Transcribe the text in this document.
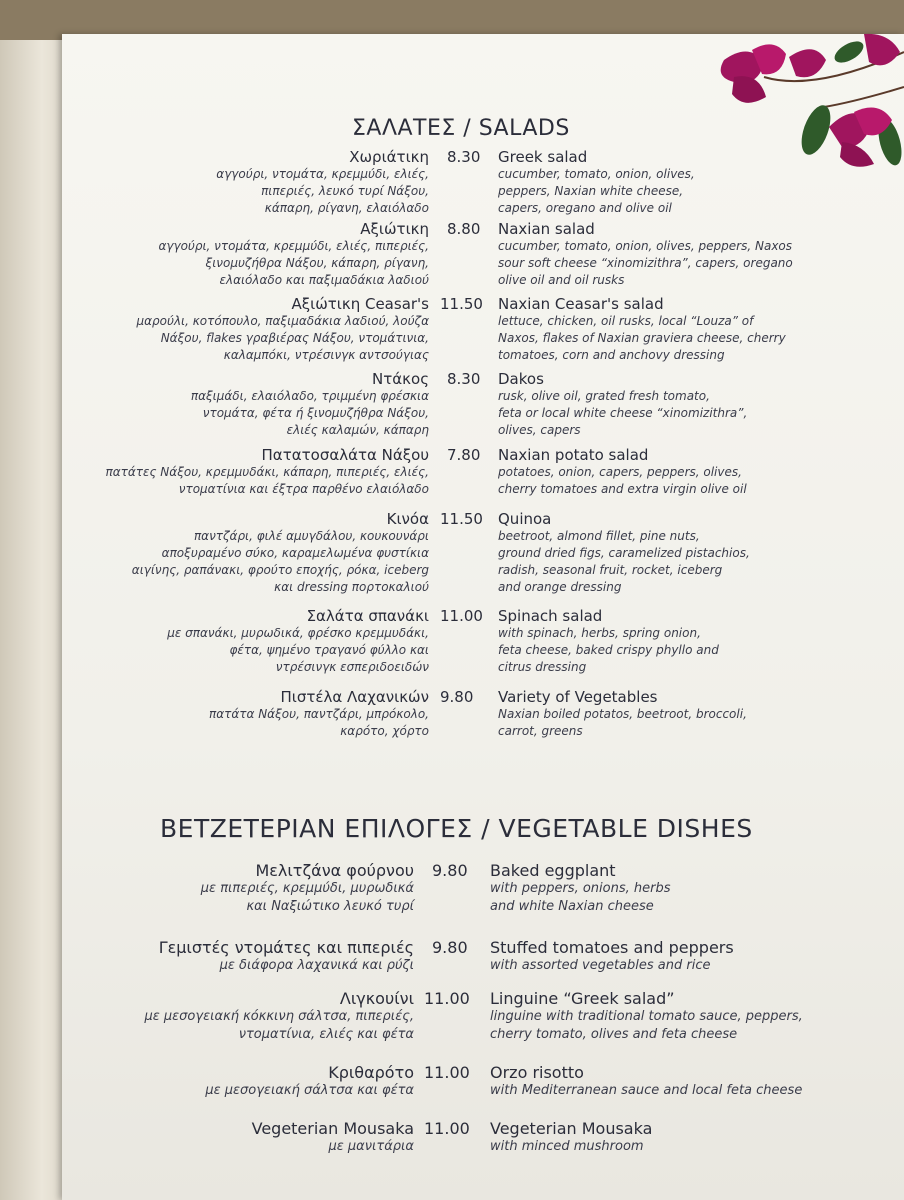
ΣΑΛΑΤΕΣ / SALADS
ΒΕΤΖΕΤΕΡΙΑΝ ΕΠΙΛΟΓΕΣ / VEGETABLE DISHES
Χωριάτικη
αγγούρι, ντομάτα, κρεμμύδι, ελιές,
πιπεριές, λευκό τυρί Νάξου,
κάπαρη, ρίγανη, ελαιόλαδο
8.30 Greek salad
cucumber, tomato, onion, olives,
peppers, Naxian white cheese,
capers, oregano and olive oil
Αξιώτικη
αγγούρι, ντομάτα, κρεμμύδι, ελιές, πιπεριές,
ξινομυζήθρα Νάξου, κάπαρη, ρίγανη,
ελαιόλαδο και παξιμαδάκια λαδιού
8.80 Naxian salad
cucumber, tomato, onion, olives, peppers, Naxos
sour soft cheese “xinomizithra”, capers, oregano
olive oil and oil rusks
Αξιώτικη Ceasar's
μαρούλι, κοτόπουλο, παξιμαδάκια λαδιού, λούζα
Νάξου, flakes γραβιέρας Νάξου, ντομάτινια,
καλαμπόκι, ντρέσινγκ αντσούγιας
11.50 Naxian Ceasar's salad
lettuce, chicken, oil rusks, local “Louza” of
Naxos, flakes of Naxian graviera cheese, cherry
tomatoes, corn and anchovy dressing
Ντάκος
παξιμάδι, ελαιόλαδο, τριμμένη φρέσκια
ντομάτα, φέτα ή ξινομυζήθρα Νάξου,
ελιές καλαμών, κάπαρη
8.30 Dakos
rusk, olive oil, grated fresh tomato,
feta or local white cheese “xinomizithra”,
olives, capers
Πατατοσαλάτα Νάξου
πατάτες Νάξου, κρεμμυδάκι, κάπαρη, πιπεριές, ελιές,
ντοματίνια και έξτρα παρθένο ελαιόλαδο
7.80 Naxian potato salad
potatoes, onion, capers, peppers, olives,
cherry tomatoes and extra virgin olive oil
Κινόα
παντζάρι, φιλέ αμυγδάλου, κουκουνάρι
αποξυραμένο σύκο, καραμελωμένα φυστίκια
αιγίνης, ραπάνακι, φρούτο εποχής, ρόκα, iceberg
και dressing πορτοκαλιού
11.50 Quinoa
beetroot, almond fillet, pine nuts,
ground dried figs, caramelized pistachios,
radish, seasonal fruit, rocket, iceberg
and orange dressing
Σαλάτα σπανάκι
με σπανάκι, μυρωδικά, φρέσκο κρεμμυδάκι,
φέτα, ψημένο τραγανό φύλλο και
ντρέσινγκ εσπεριδοειδών
11.00 Spinach salad
with spinach, herbs, spring onion,
feta cheese, baked crispy phyllo and
citrus dressing
Πιστέλα Λαχανικών
πατάτα Νάξου, παντζάρι, μπρόκολο,
καρότο, χόρτο
9.80 Variety of Vegetables
Naxian boiled potatos, beetroot, broccoli,
carrot, greens
Μελιτζάνα φούρνου
με πιπεριές, κρεμμύδι, μυρωδικά
και Ναξιώτικο λευκό τυρί
9.80 Baked eggplant
with peppers, onions, herbs
and white Naxian cheese
Γεμιστές ντομάτες και πιπεριές
με διάφορα λαχανικά και ρύζι
9.80 Stuffed tomatoes and peppers
with assorted vegetables and rice
Λιγκουίνι
με μεσογειακή κόκκινη σάλτσα, πιπεριές,
ντοματίνια, ελιές και φέτα
11.00 Linguine “Greek salad”
linguine with traditional tomato sauce, peppers,
cherry tomato, olives and feta cheese
Κριθαρότο
με μεσογειακή σάλτσα και φέτα
11.00 Orzo risotto
with Mediterranean sauce and local feta cheese
Vegeterian Mousaka
με μανιτάρια
11.00 Vegeterian Mousaka
with minced mushroom
